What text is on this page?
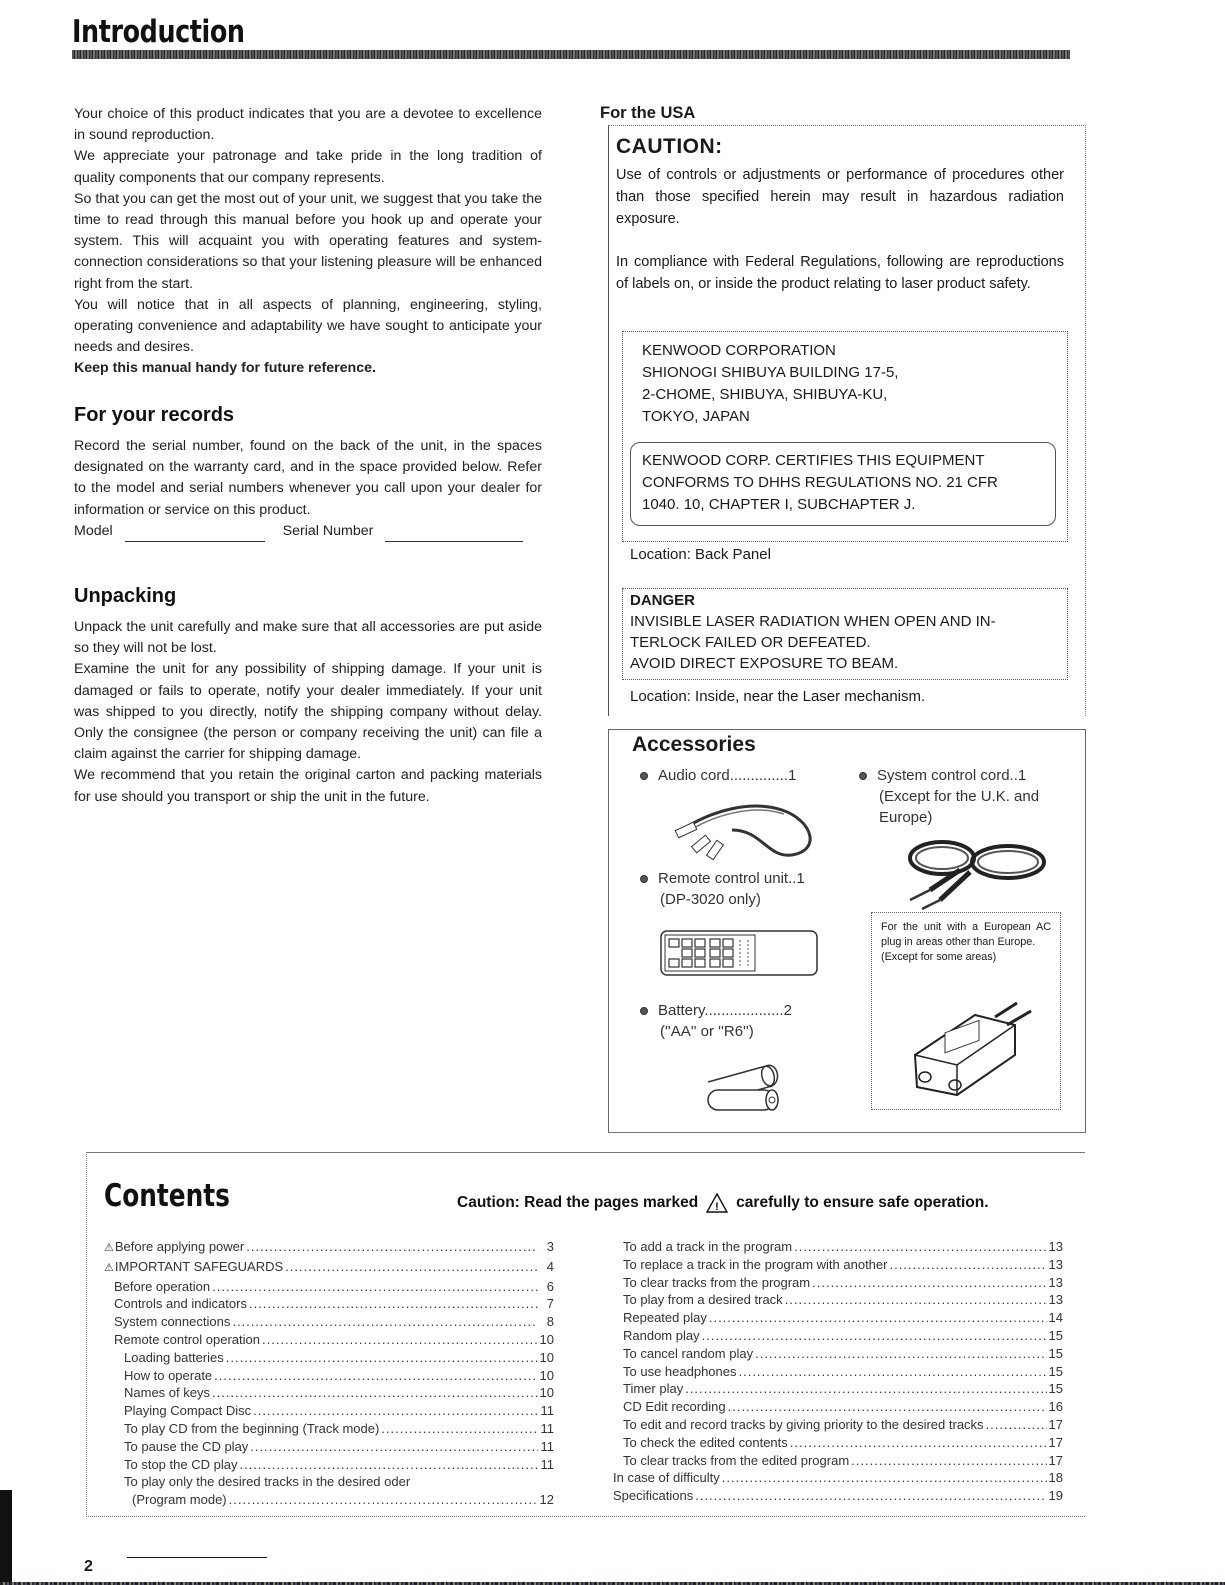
Introduction

Your choice of this product indicates that you are a devotee to excellence in sound reproduction.

We appreciate your patronage and take pride in the long tradition of quality components that our company represents.

So that you can get the most out of your unit, we suggest that you take the time to read through this manual before you hook up and operate your system. This will acquaint you with operating features and system-connection considerations so that your listening pleasure will be enhanced right from the start.

You will notice that in all aspects of planning, engineering, styling, operating convenience and adaptability we have sought to anticipate your needs and desires.

Keep this manual handy for future reference.

For your records

Record the serial number, found on the back of the unit, in the spaces designated on the warranty card, and in the space provided below. Refer to the model and serial numbers whenever you call upon your dealer for information or service on this product.

Model	Serial Number
Unpacking

Unpack the unit carefully and make sure that all accessories are put aside so they will not be lost.

Examine the unit for any possibility of shipping damage. If your unit is damaged or fails to operate, notify your dealer immediately. If your unit was shipped to you directly, notify the shipping company without delay. Only the consignee (the person or company receiving the unit) can file a claim against the carrier for shipping damage.

We recommend that you retain the original carton and packing materials for use should you transport or ship the unit in the future.

For the USA
CAUTION:
Use of controls or adjustments or performance of procedures other than those specified herein may result in hazardous radiation exposure.
In compliance with Federal Regulations, following are reproductions of labels on, or inside the product relating to laser product safety.
KENWOOD CORPORATION
SHIONOGI SHIBUYA BUILDING 17-5,
2-CHOME, SHIBUYA, SHIBUYA-KU,
TOKYO, JAPAN
KENWOOD CORP. CERTIFIES THIS EQUIPMENT
CONFORMS TO DHHS REGULATIONS NO. 21 CFR
1040. 10, CHAPTER I, SUBCHAPTER J.
Location: Back Panel
DANGER
INVISIBLE LASER RADIATION WHEN OPEN AND IN-
TERLOCK FAILED OR DEFEATED.
AVOID DIRECT EXPOSURE TO BEAM.
Location: Inside, near the Laser mechanism.
Accessories
Audio cord..............1
Remote control unit..1
(DP-3020 only)
Battery...................2
(''AA'' or ''R6'')
System control cord..1
(Except for the U.K. and
Europe)
For the unit with a European AC plug in areas other than Europe.
(Except for some areas)
Contents	Caution: Read the pages marked ! carefully to ensure safe operation.
⚠ Before applying power .....	3
⚠ IMPORTANT SAFEGUARDS .....	4
Before operation .....	6
Controls and indicators .....	7
System connections .....	8
Remote control operation .....	10
Loading batteries .....	10
How to operate .....	10
Names of keys .....	10
Playing Compact Disc .....	11
To play CD from the beginning (Track mode) .....	11
To pause the CD play .....	11
To stop the CD play .....	11
To play only the desired tracks in the desired oder
(Program mode) .....	12
To add a track in the program .....	13
To replace a track in the program with another .....	13
To clear tracks from the program .....	13
To play from a desired track .....	13
Repeated play .....	14
Random play .....	15
To cancel random play .....	15
To use headphones .....	15
Timer play .....	15
CD Edit recording .....	16
To edit and record tracks by giving priority to the desired tracks .....	17
To check the edited contents .....	17
To clear tracks from the edited program .....	17
In case of difficulty .....	18
Specifications .....	19
2
